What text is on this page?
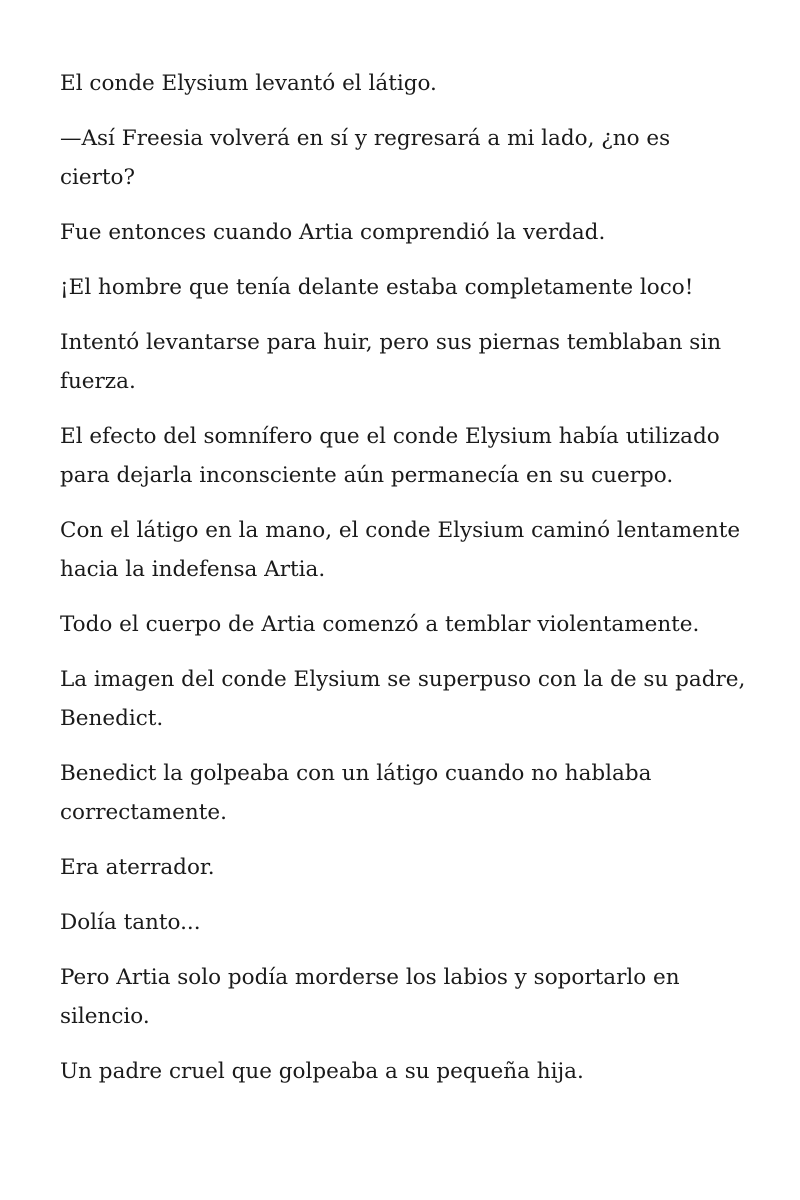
El conde Elysium levantó el látigo.

—Así Freesia volverá en sí y regresará a mi lado, ¿no es cierto?

Fue entonces cuando Artia comprendió la verdad.

¡El hombre que tenía delante estaba completamente loco!

Intentó levantarse para huir, pero sus piernas temblaban sin fuerza.

El efecto del somnífero que el conde Elysium había utilizado para dejarla inconsciente aún permanecía en su cuerpo.

Con el látigo en la mano, el conde Elysium caminó lentamente hacia la indefensa Artia.

Todo el cuerpo de Artia comenzó a temblar violentamente.

La imagen del conde Elysium se superpuso con la de su padre, Benedict.

Benedict la golpeaba con un látigo cuando no hablaba correctamente.

Era aterrador.

Dolía tanto...

Pero Artia solo podía morderse los labios y soportarlo en silencio.

Un padre cruel que golpeaba a su pequeña hija.
